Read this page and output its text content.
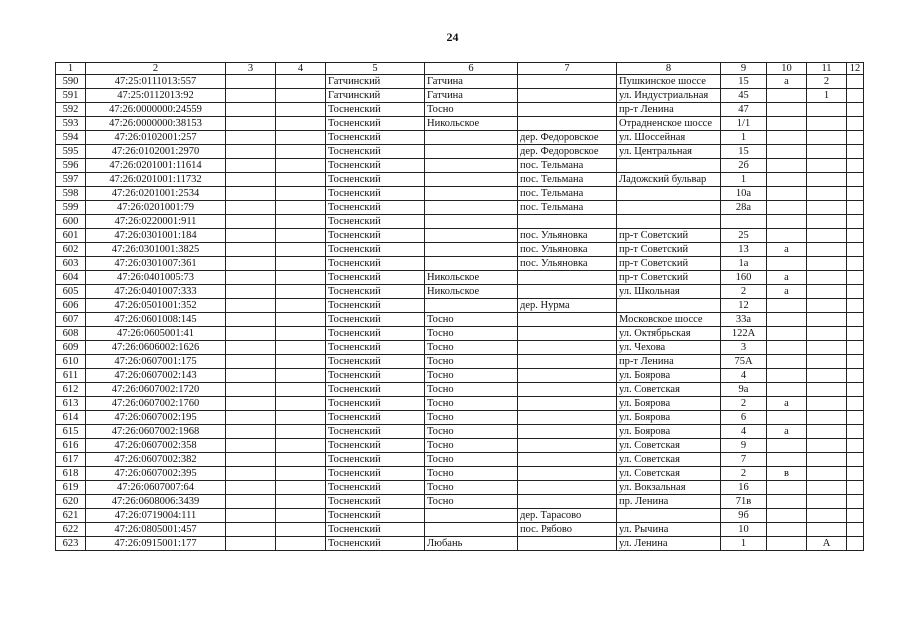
24
1	2	3	4	5	6	7	8	9	10	11	12
590	47:25:0111013:557			Гатчинский	Гатчина		Пушкинское шоссе	15	а	2	
591	47:25:0112013:92			Гатчинский	Гатчина		ул. Индустриальная	45		1	
592	47:26:0000000:24559			Тосненский	Тосно		пр-т Ленина	47			
593	47:26:0000000:38153			Тосненский	Никольское		Отрадненское шоссе	1/1			
594	47:26:0102001:257			Тосненский		дер. Федоровское	ул. Шоссейная	1			
595	47:26:0102001:2970			Тосненский		дер. Федоровское	ул. Центральная	15			
596	47:26:0201001:11614			Тосненский		пос. Тельмана		2б			
597	47:26:0201001:11732			Тосненский		пос. Тельмана	Ладожский бульвар	1			
598	47:26:0201001:2534			Тосненский		пос. Тельмана		10а			
599	47:26:0201001:79			Тосненский		пос. Тельмана		28а			
600	47:26:0220001:911			Тосненский							
601	47:26:0301001:184			Тосненский		пос. Ульяновка	пр-т Советский	25			
602	47:26:0301001:3825			Тосненский		пос. Ульяновка	пр-т Советский	13	а		
603	47:26:0301007:361			Тосненский		пос. Ульяновка	пр-т Советский	1а			
604	47:26:0401005:73			Тосненский	Никольское		пр-т Советский	160	а		
605	47:26:0401007:333			Тосненский	Никольское		ул. Школьная	2	а		
606	47:26:0501001:352			Тосненский		дер. Нурма		12			
607	47:26:0601008:145			Тосненский	Тосно		Московское шоссе	33а			
608	47:26:0605001:41			Тосненский	Тосно		ул. Октябрьская	122А			
609	47:26:0606002:1626			Тосненский	Тосно		ул. Чехова	3			
610	47:26:0607001:175			Тосненский	Тосно		пр-т Ленина	75А			
611	47:26:0607002:143			Тосненский	Тосно		ул. Боярова	4			
612	47:26:0607002:1720			Тосненский	Тосно		ул. Советская	9а			
613	47:26:0607002:1760			Тосненский	Тосно		ул. Боярова	2	а		
614	47:26:0607002:195			Тосненский	Тосно		ул. Боярова	6			
615	47:26:0607002:1968			Тосненский	Тосно		ул. Боярова	4	а		
616	47:26:0607002:358			Тосненский	Тосно		ул. Советская	9			
617	47:26:0607002:382			Тосненский	Тосно		ул. Советская	7			
618	47:26:0607002:395			Тосненский	Тосно		ул. Советская	2	в		
619	47:26:0607007:64			Тосненский	Тосно		ул. Вокзальная	16			
620	47:26:0608006:3439			Тосненский	Тосно		пр. Ленина	71в			
621	47:26:0719004:111			Тосненский		дер. Тарасово		9б			
622	47:26:0805001:457			Тосненский		пос. Рябово	ул. Рычина	10			
623	47:26:0915001:177			Тосненский	Любань		ул. Ленина	1		А	
